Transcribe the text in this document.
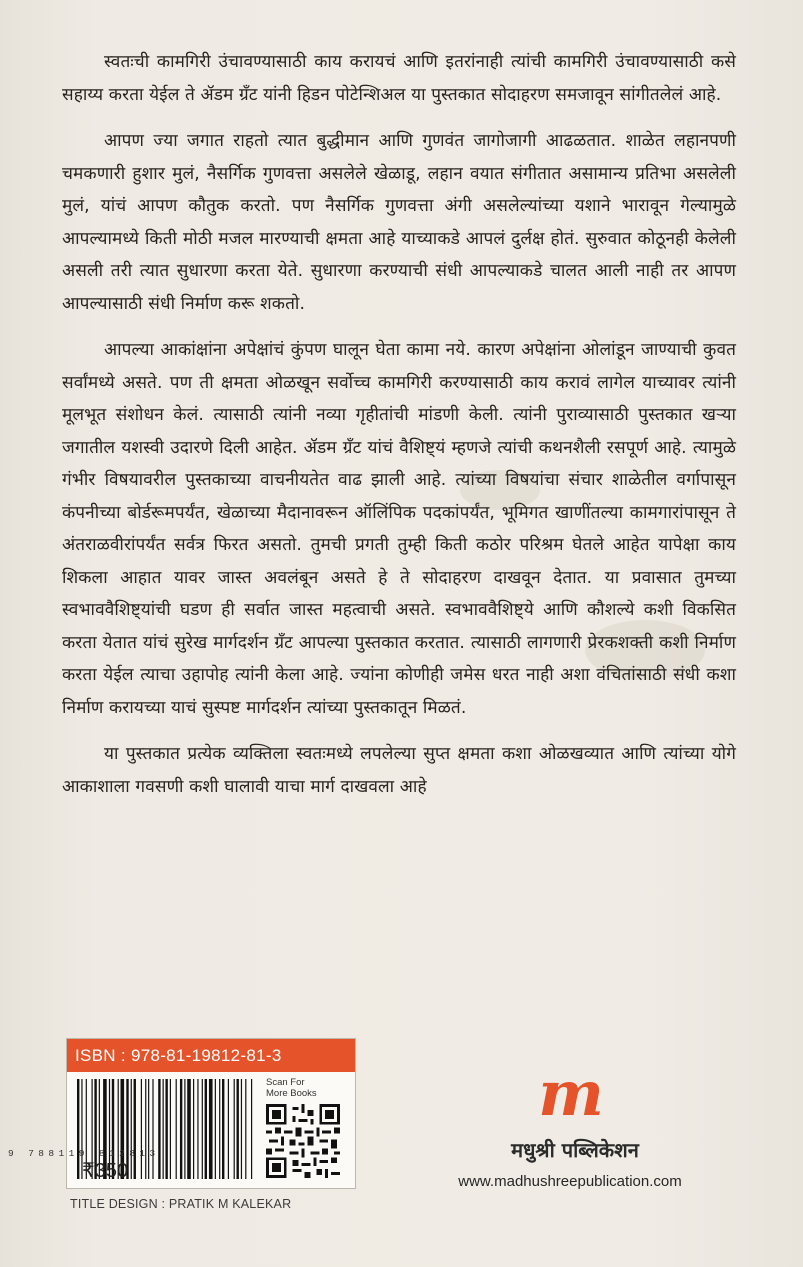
स्वतःची कामगिरी उंचावण्यासाठी काय करायचं आणि इतरांनाही त्यांची कामगिरी उंचावण्यासाठी कसे सहाय्य करता येईल ते ॲडम ग्रँट यांनी हिडन पोटेन्शिअल या पुस्तकात सोदाहरण समजावून सांगीतलेलं आहे.

आपण ज्या जगात राहतो त्यात बुद्धीमान आणि गुणवंत जागोजागी आढळतात. शाळेत लहानपणी चमकणारी हुशार मुलं, नैसर्गिक गुणवत्ता असलेले खेळाडू, लहान वयात संगीतात असामान्य प्रतिभा असलेली मुलं, यांचं आपण कौतुक करतो. पण नैसर्गिक गुणवत्ता अंगी असलेल्यांच्या यशाने भारावून गेल्यामुळे आपल्यामध्ये किती मोठी मजल मारण्याची क्षमता आहे याच्याकडे आपलं दुर्लक्ष होतं. सुरुवात कोठूनही केलेली असली तरी त्यात सुधारणा करता येते. सुधारणा करण्याची संधी आपल्याकडे चालत आली नाही तर आपण आपल्यासाठी संधी निर्माण करू शकतो.

आपल्या आकांक्षांना अपेक्षांचं कुंपण घालून घेता कामा नये. कारण अपेक्षांना ओलांडून जाण्याची कुवत सर्वांमध्ये असते. पण ती क्षमता ओळखून सर्वोच्च कामगिरी करण्यासाठी काय करावं लागेल याच्यावर त्यांनी मूलभूत संशोधन केलं. त्यासाठी त्यांनी नव्या गृहीतांची मांडणी केली. त्यांनी पुराव्यासाठी पुस्तकात खऱ्या जगातील यशस्वी उदारणे दिली आहेत. ॲडम ग्रँट यांचं वैशिष्ट्यं म्हणजे त्यांची कथनशैली रसपूर्ण आहे. त्यामुळे गंभीर विषयावरील पुस्तकाच्या वाचनीयतेत वाढ झाली आहे. त्यांच्या विषयांचा संचार शाळेतील वर्गापासून कंपनीच्या बोर्डरूमपर्यंत, खेळाच्या मैदानावरून ऑलिंपिक पदकांपर्यंत, भूमिगत खाणींतल्या कामगारांपासून ते अंतराळवीरांपर्यंत सर्वत्र फिरत असतो. तुमची प्रगती तुम्ही किती कठोर परिश्रम घेतले आहेत यापेक्षा काय शिकला आहात यावर जास्त अवलंबून असते हे ते सोदाहरण दाखवून देतात. या प्रवासात तुमच्या स्वभाववैशिष्ट्यांची घडण ही सर्वात जास्त महत्वाची असते. स्वभाववैशिष्ट्ये आणि कौशल्ये कशी विकसित करता येतात यांचं सुरेख मार्गदर्शन ग्रँट आपल्या पुस्तकात करतात. त्यासाठी लागणारी प्रेरकशक्ती कशी निर्माण करता येईल त्याचा उहापोह त्यांनी केला आहे. ज्यांना कोणीही जमेस धरत नाही अशा वंचितांसाठी संधी कशा निर्माण करायच्या याचं सुस्पष्ट मार्गदर्शन त्यांच्या पुस्तकातून मिळतं.

या पुस्तकात प्रत्येक व्यक्तिला स्वतःमध्ये लपलेल्या सुप्त क्षमता कशा ओळखव्यात आणि त्यांच्या योगे आकाशाला गवसणी कशी घालावी याचा मार्ग दाखवला आहे

ISBN : 978-81-19812-81-3
9 788119 812813
₹350
Scan For
More Books
TITLE DESIGN : PRATIK M KALEKAR
m
मधुश्री पब्लिकेशन
www.madhushreepublication.com
